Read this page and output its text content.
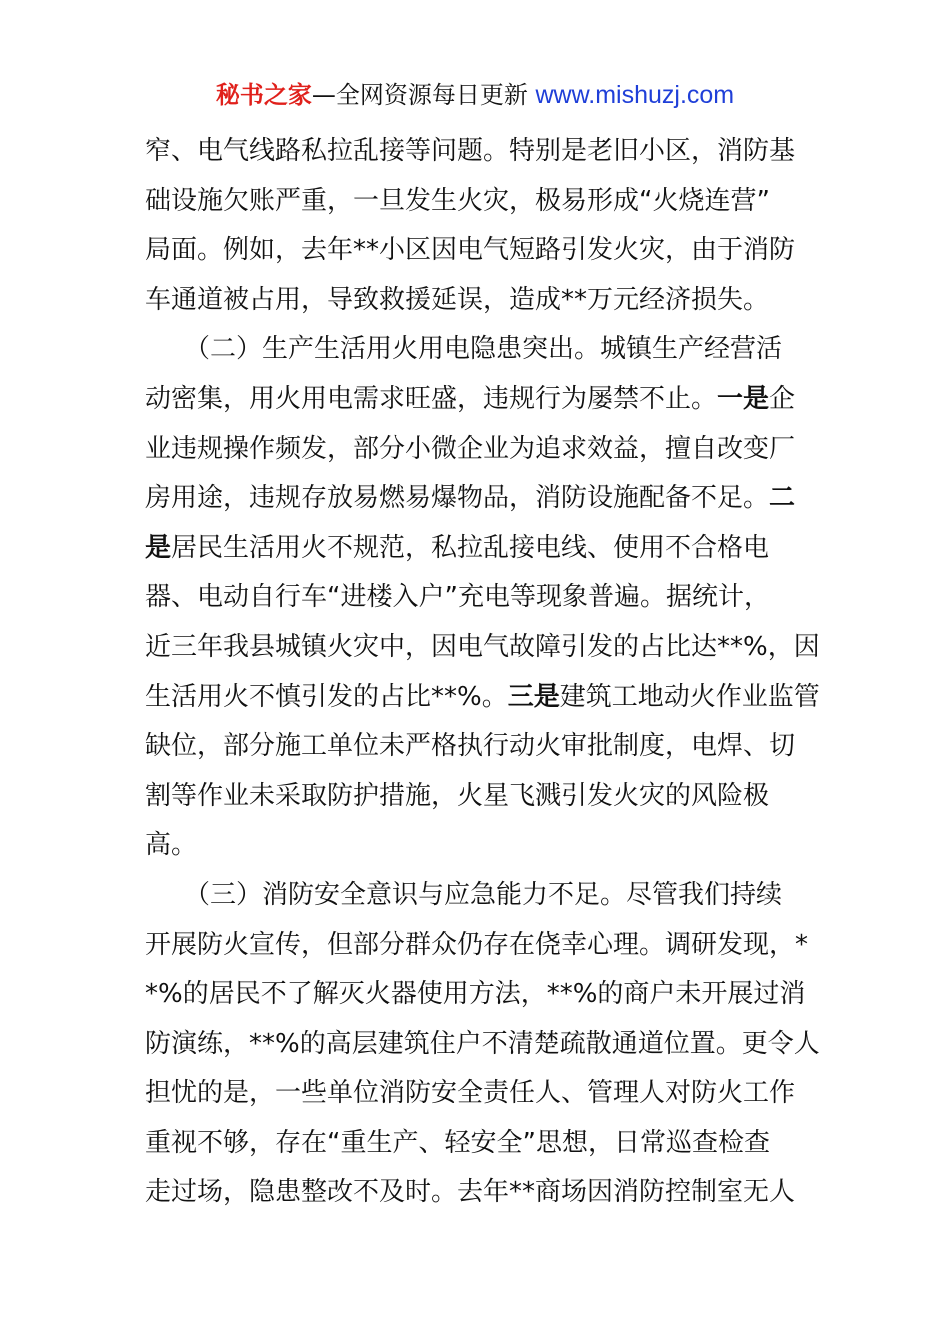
秘书之家—全网资源每日更新 www.mishuzj.com
窄、电气线路私拉乱接等问题。特别是老旧小区，消防基
础设施欠账严重，一旦发生火灾，极易形成“火烧连营”
局面。例如，去年**小区因电气短路引发火灾，由于消防
车通道被占用，导致救援延误，造成**万元经济损失。
　　（二）生产生活用火用电隐患突出。城镇生产经营活
动密集，用火用电需求旺盛，违规行为屡禁不止。一是企
业违规操作频发，部分小微企业为追求效益，擅自改变厂
房用途，违规存放易燃易爆物品，消防设施配备不足。二
是居民生活用火不规范，私拉乱接电线、使用不合格电
器、电动自行车“进楼入户”充电等现象普遍。据统计，
近三年我县城镇火灾中，因电气故障引发的占比达**%，因
生活用火不慎引发的占比**%。三是建筑工地动火作业监管
缺位，部分施工单位未严格执行动火审批制度，电焊、切
割等作业未采取防护措施，火星飞溅引发火灾的风险极
高。
　　（三）消防安全意识与应急能力不足。尽管我们持续
开展防火宣传，但部分群众仍存在侥幸心理。调研发现，*
*%的居民不了解灭火器使用方法，**%的商户未开展过消
防演练，**%的高层建筑住户不清楚疏散通道位置。更令人
担忧的是，一些单位消防安全责任人、管理人对防火工作
重视不够，存在“重生产、轻安全”思想，日常巡查检查
走过场，隐患整改不及时。去年**商场因消防控制室无人
